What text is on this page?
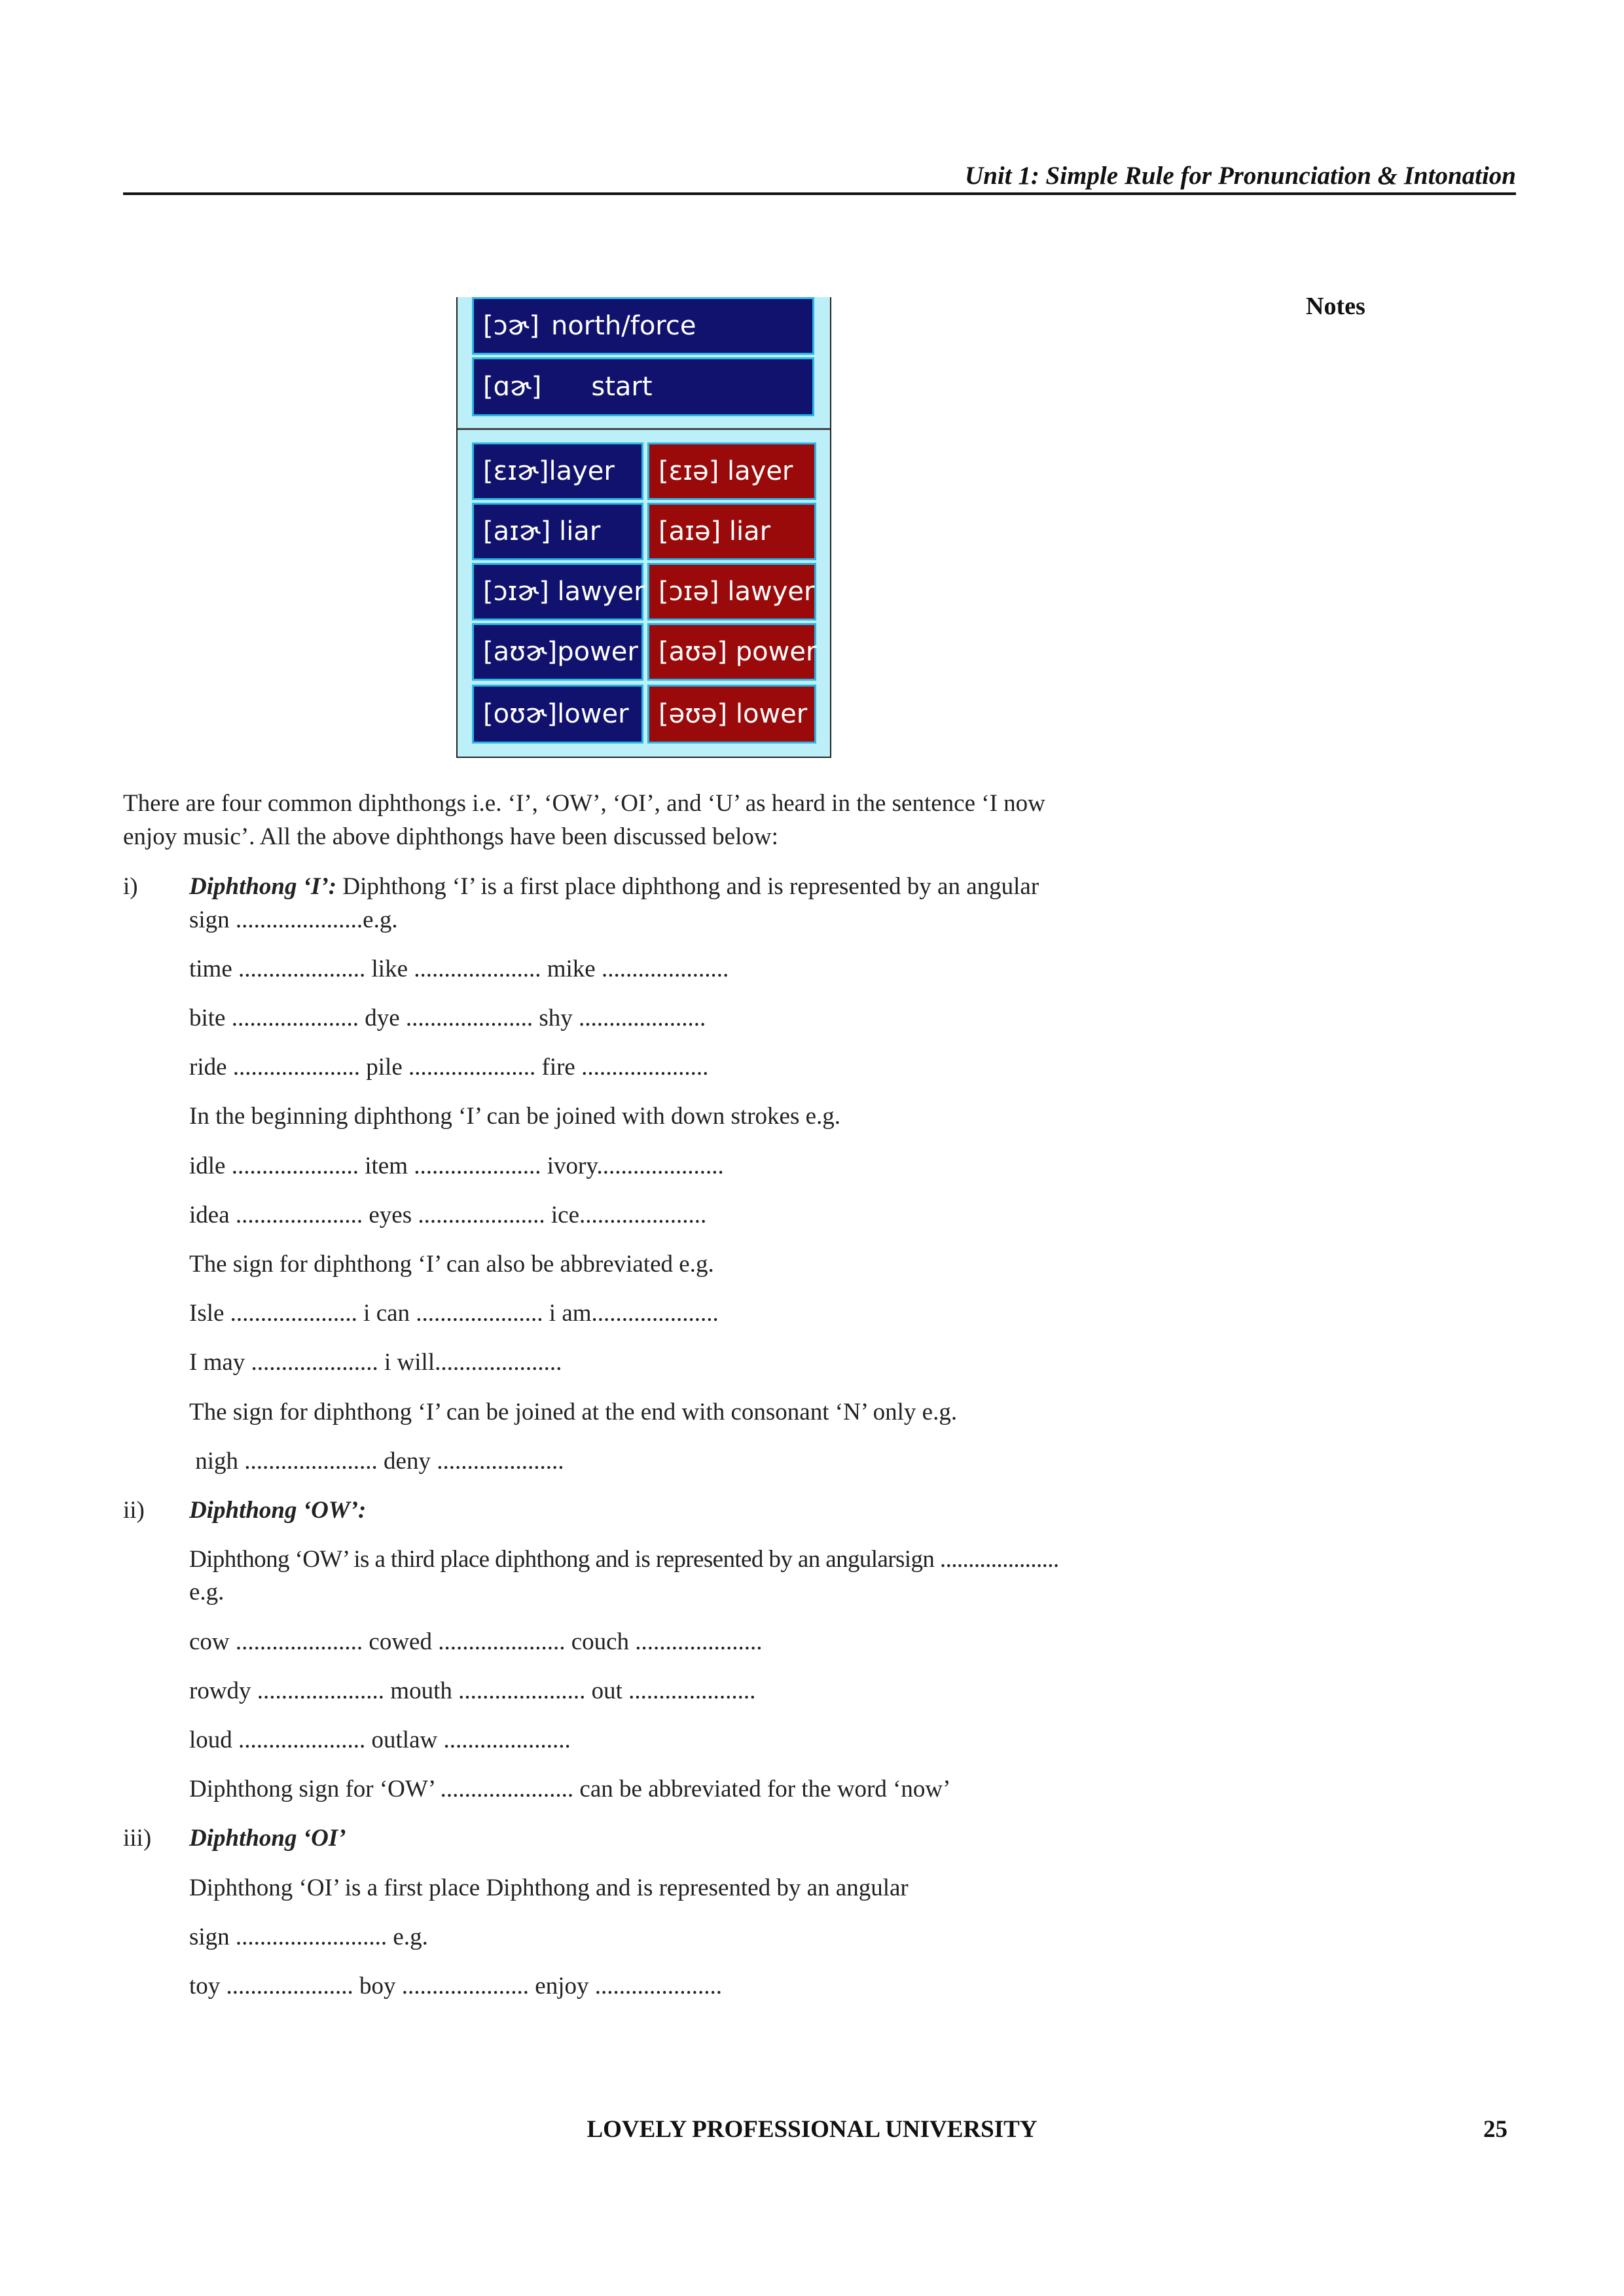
Unit 1: Simple Rule for Pronunciation & Intonation
Notes
[ɔɚ] north/force
[ɑɚ] start
[ɛɪɚ]layer	[ɛɪə] layer
[aɪɚ] liar	[aɪə] liar
[ɔɪɚ] lawyer [ɔɪə] lawyer
[aʊɚ]power [aʊə] power
[oʊɚ]lower	[əʊə] lower
There are four common diphthongs i.e. ‘I’, ‘OW’, ‘OI’, and ‘U’ as heard in the sentence ‘I now
enjoy music’. All the above diphthongs have been discussed below:
i) Diphthong ‘I’: Diphthong ‘I’ is a first place diphthong and is represented by an angular
sign .....................e.g.
time ..................... like ..................... mike .....................
bite ..................... dye ..................... shy .....................
ride ..................... pile ..................... fire .....................
In the beginning diphthong ‘I’ can be joined with down strokes e.g.
idle ..................... item ..................... ivory.....................
idea ..................... eyes ..................... ice.....................
The sign for diphthong ‘I’ can also be abbreviated e.g.
Isle ..................... i can ..................... i am.....................
I may ..................... i will.....................
The sign for diphthong ‘I’ can be joined at the end with consonant ‘N’ only e.g.
nigh ...................... deny .....................
ii) Diphthong ‘OW’:
Diphthong ‘OW’ is a third place diphthong and is represented by an angularsign .....................
e.g.
cow ..................... cowed ..................... couch .....................
rowdy ..................... mouth ..................... out .....................
loud ..................... outlaw .....................
Diphthong sign for ‘OW’ ...................... can be abbreviated for the word ‘now’
iii) Diphthong ‘OI’
Diphthong ‘OI’ is a first place Diphthong and is represented by an angular
sign ......................... e.g.
toy ..................... boy ..................... enjoy .....................
LOVELY PROFESSIONAL UNIVERSITY	25
